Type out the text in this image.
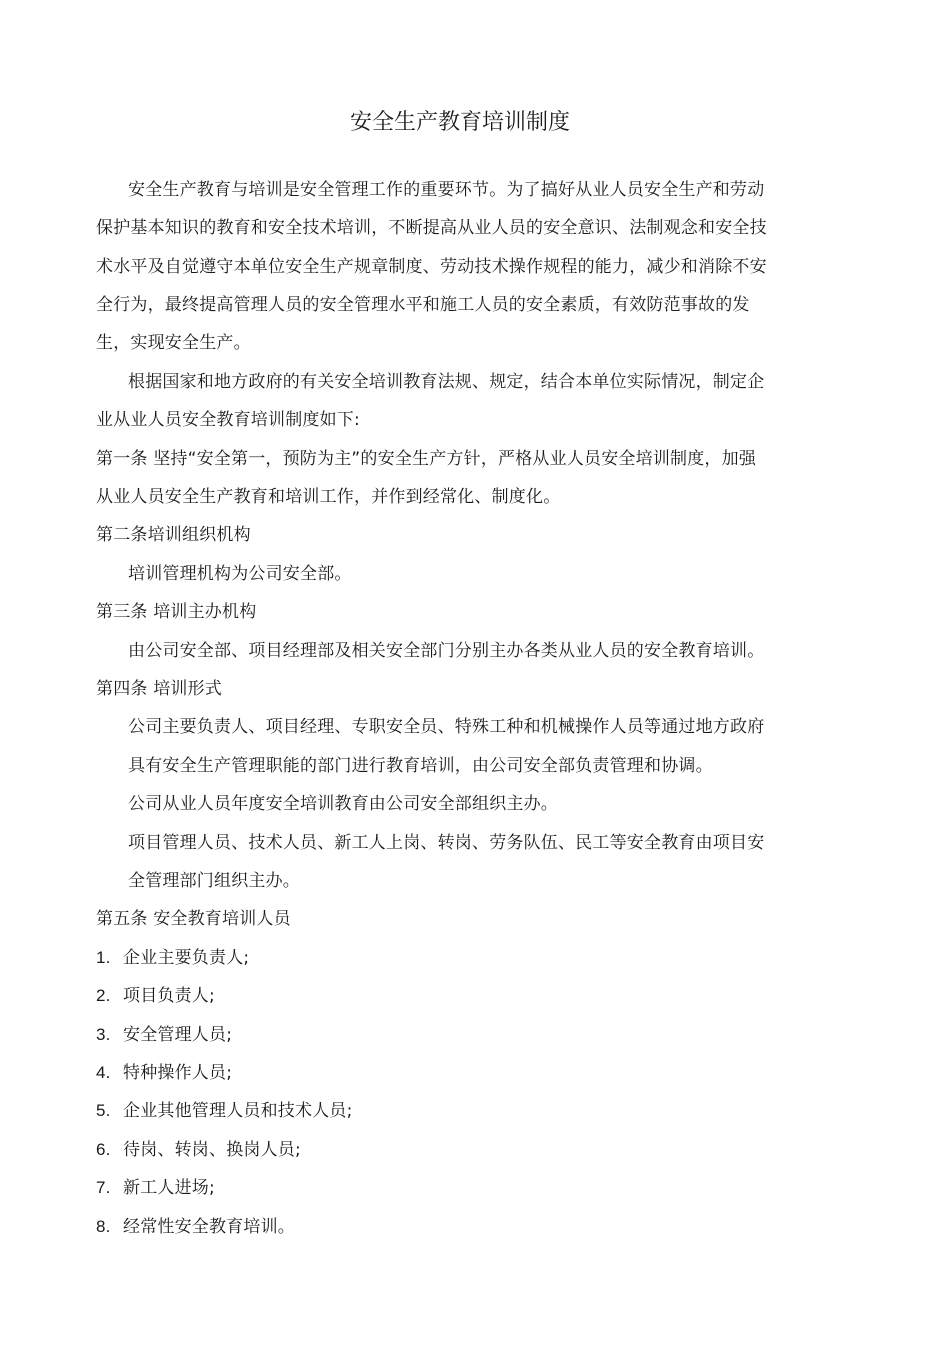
安全生产教育培训制度
安全生产教育与培训是安全管理工作的重要环节。为了搞好从业人员安全生产和劳动
保护基本知识的教育和安全技术培训，不断提高从业人员的安全意识、法制观念和安全技
术水平及自觉遵守本单位安全生产规章制度、劳动技术操作规程的能力，减少和消除不安
全行为，最终提高管理人员的安全管理水平和施工人员的安全素质，有效防范事故的发
生，实现安全生产。
根据国家和地方政府的有关安全培训教育法规、规定，结合本单位实际情况，制定企
业从业人员安全教育培训制度如下:
第一条 坚持“安全第一，预防为主”的安全生产方针，严格从业人员安全培训制度，加强
从业人员安全生产教育和培训工作，并作到经常化、制度化。
第二条培训组织机构
培训管理机构为公司安全部。
第三条 培训主办机构
由公司安全部、项目经理部及相关安全部门分别主办各类从业人员的安全教育培训。
第四条 培训形式
公司主要负责人、项目经理、专职安全员、特殊工种和机械操作人员等通过地方政府
具有安全生产管理职能的部门进行教育培训，由公司安全部负责管理和协调。
公司从业人员年度安全培训教育由公司安全部组织主办。
项目管理人员、技术人员、新工人上岗、转岗、劳务队伍、民工等安全教育由项目安
全管理部门组织主办。
第五条 安全教育培训人员
1. 企业主要负责人;
2. 项目负责人;
3. 安全管理人员;
4. 特种操作人员;
5. 企业其他管理人员和技术人员;
6. 待岗、转岗、换岗人员;
7. 新工人进场;
8. 经常性安全教育培训。
